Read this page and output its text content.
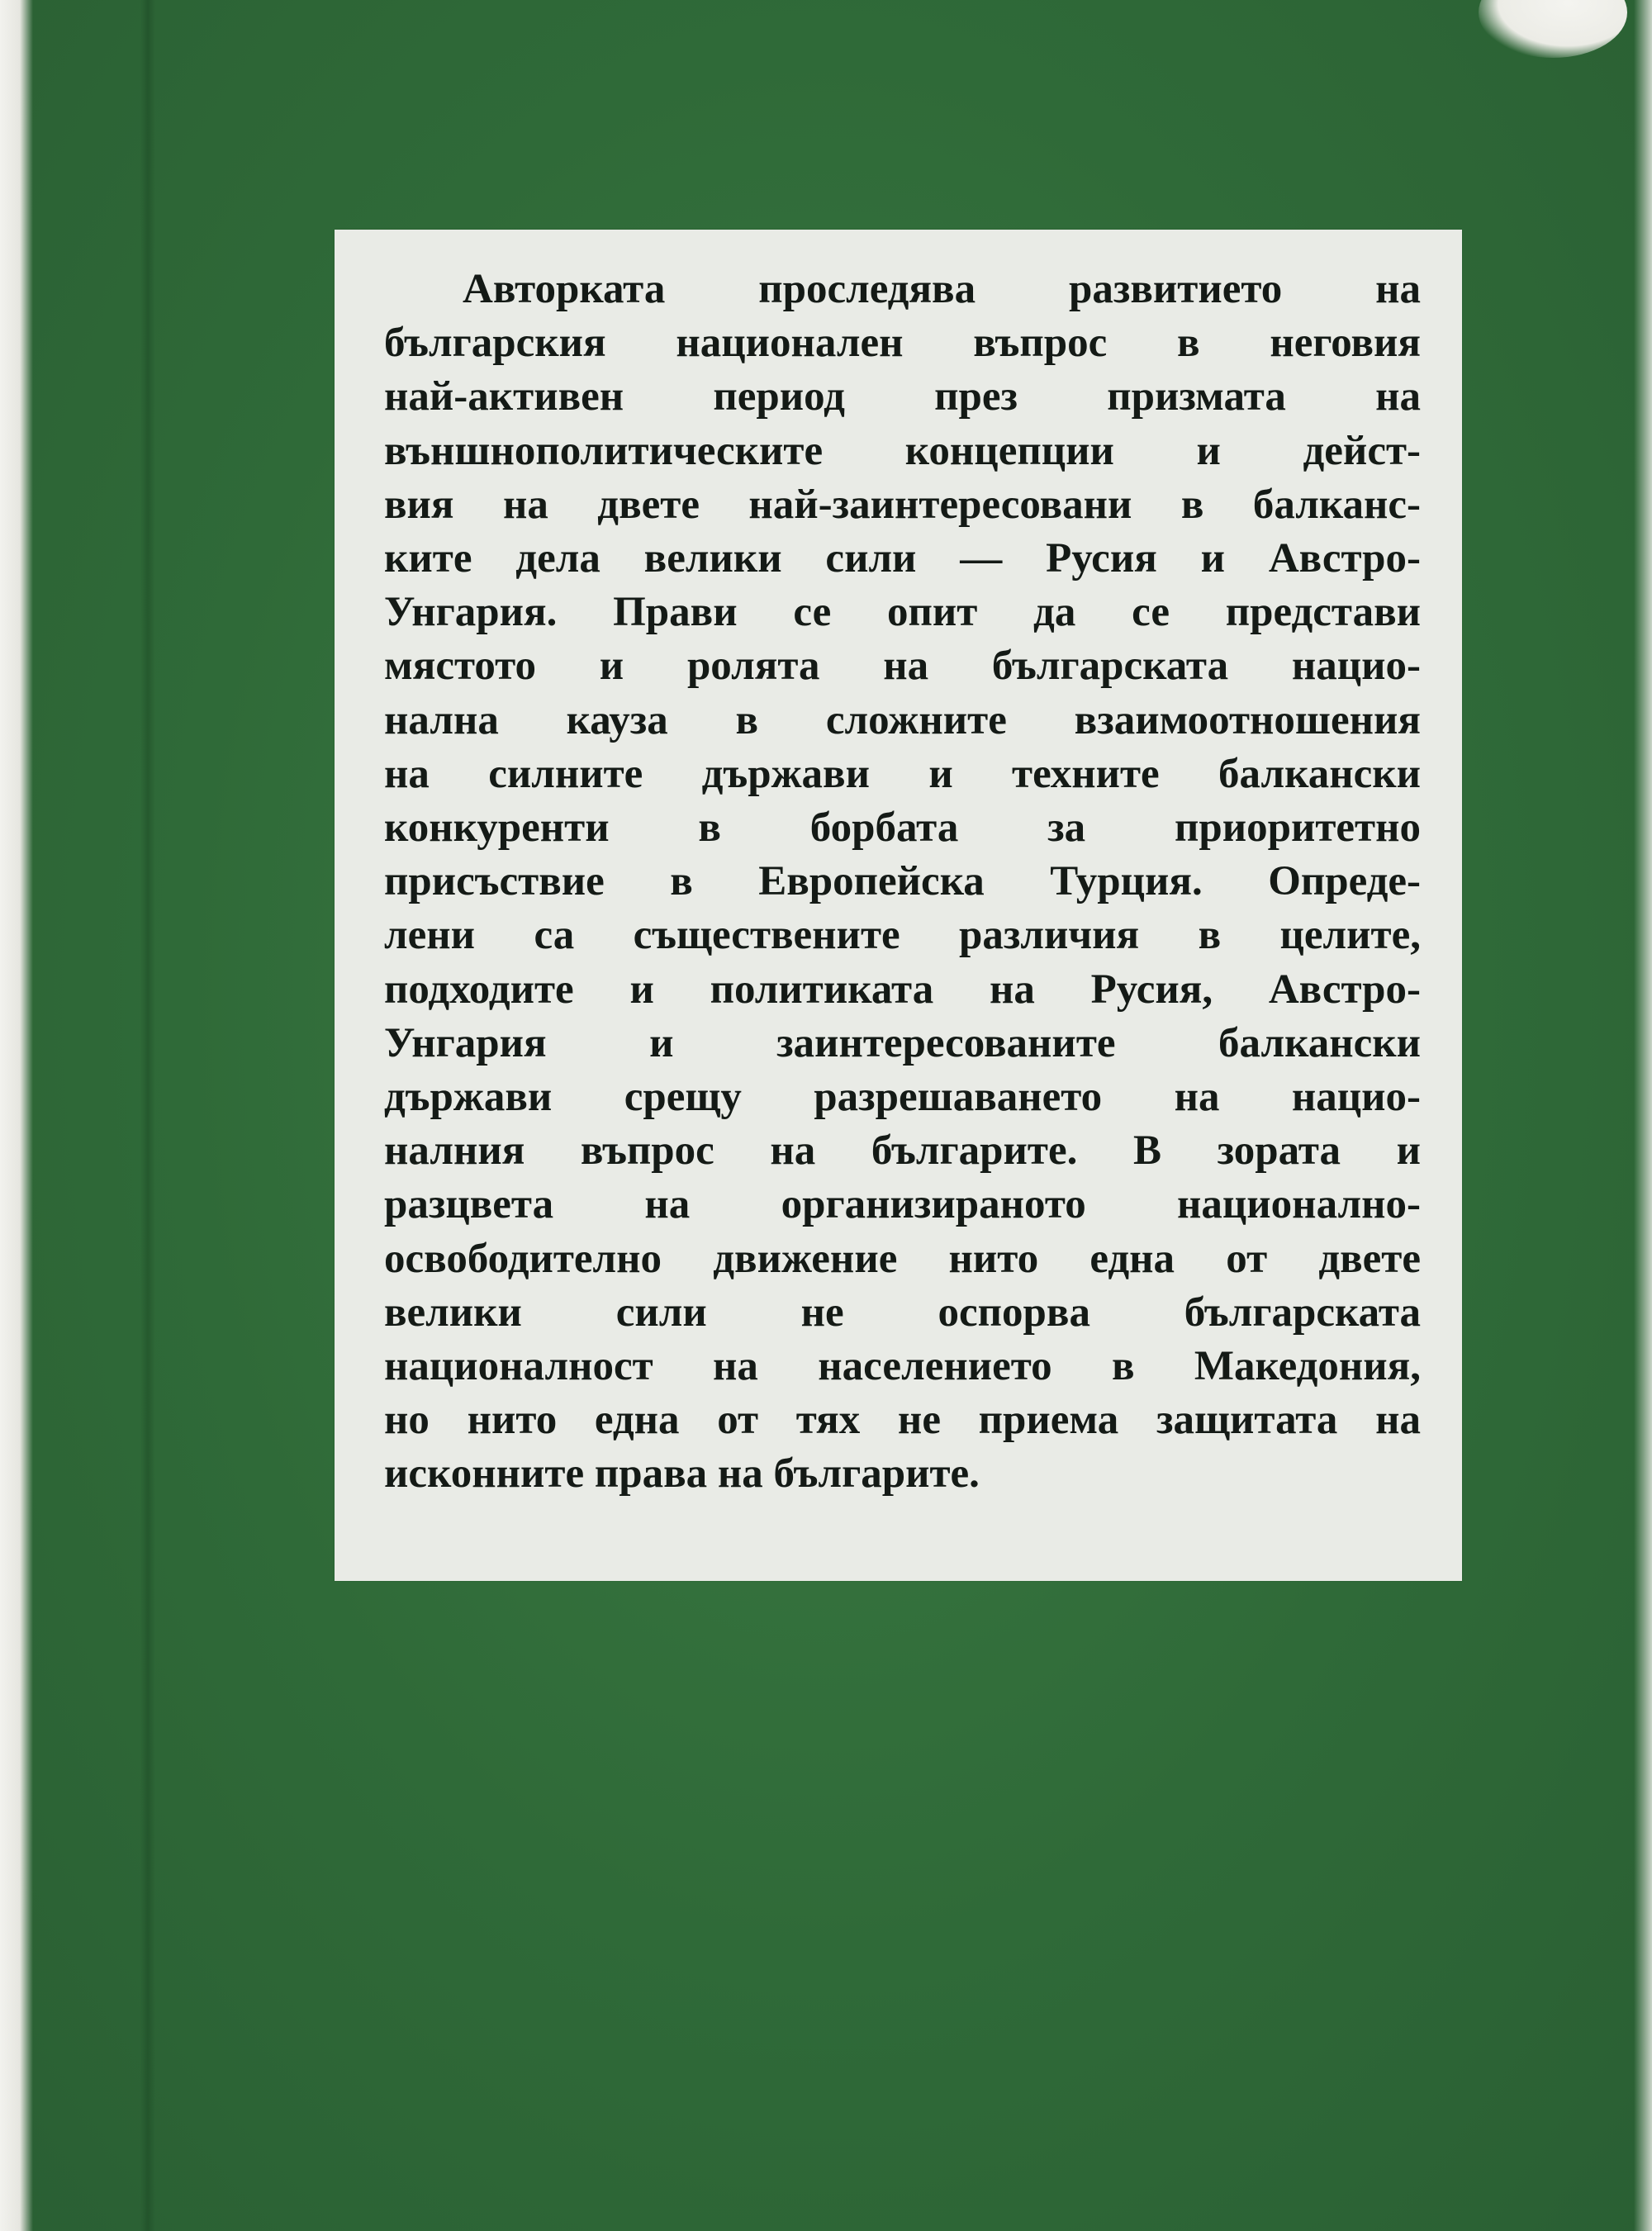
Авторката проследява развитието на
българския национален въпрос в неговия
най-активен период през призмата на
външнополитическите концепции и дейст-
вия на двете най-заинтересовани в балканс-
ките дела велики сили — Русия и Австро-
Унгария. Прави се опит да се представи
мястото и ролята на българската нацио-
нална кауза в сложните взаимоотношения
на силните държави и техните балкански
конкуренти в борбата за приоритетно
присъствие в Европейска Турция. Опреде-
лени са съществените различия в целите,
подходите и политиката на Русия, Австро-
Унгария и заинтересованите балкански
държави срещу разрешаването на нацио-
налния въпрос на българите. В зората и
разцвета на организираното национално-
освободително движение нито една от двете
велики сили не оспорва българската
националност на населението в Македония,
но нито една от тях не приема защитата на
исконните права на българите.
